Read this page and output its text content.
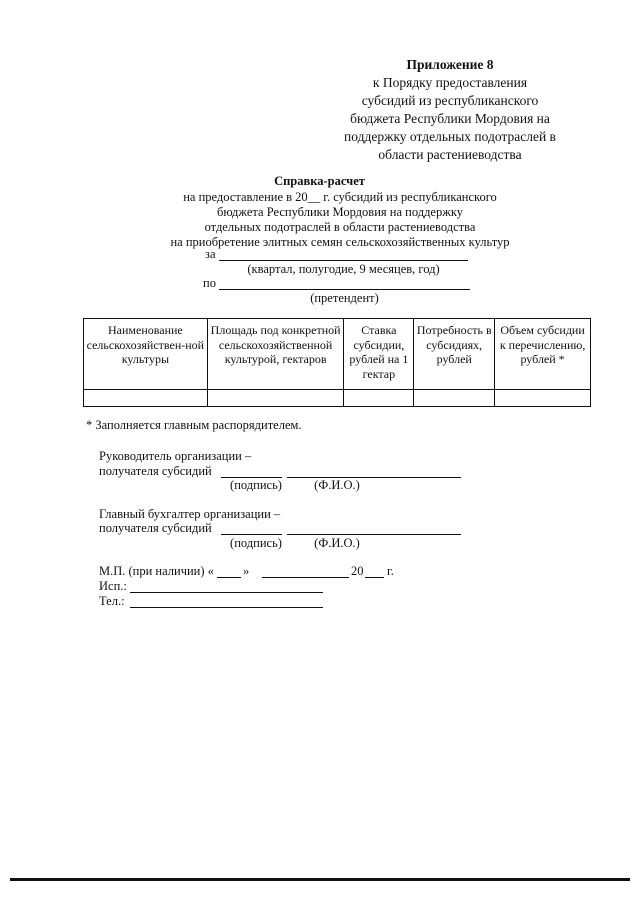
Приложение 8
к Порядку предоставления
субсидий из республиканского
бюджета Республики Мордовия на
поддержку отдельных подотраслей в
области растениеводства
Справка-расчет
на предоставление в 20__ г. субсидий из республиканского
бюджета Республики Мордовия на поддержку
отдельных подотраслей в области растениеводства
на приобретение элитных семян сельскохозяйственных культур
за
(квартал, полугодие, 9 месяцев, год)
по
(претендент)
Наименование сельскохозяйствен-ной культуры	Площадь под конкретной сельскохозяйственной культурой, гектаров	Ставка субсидии, рублей на 1 гектар	Потребность в субсидиях, рублей	Объем субсидии к перечислению, рублей *

* Заполняется главным распорядителем.
Руководитель организации –
получателя субсидий
(подпись)	(Ф.И.О.)
Главный бухгалтер организации –
получателя субсидий
(подпись)	(Ф.И.О.)
М.П. (при наличии) « »	20 г.
Исп.:
Тел.:
